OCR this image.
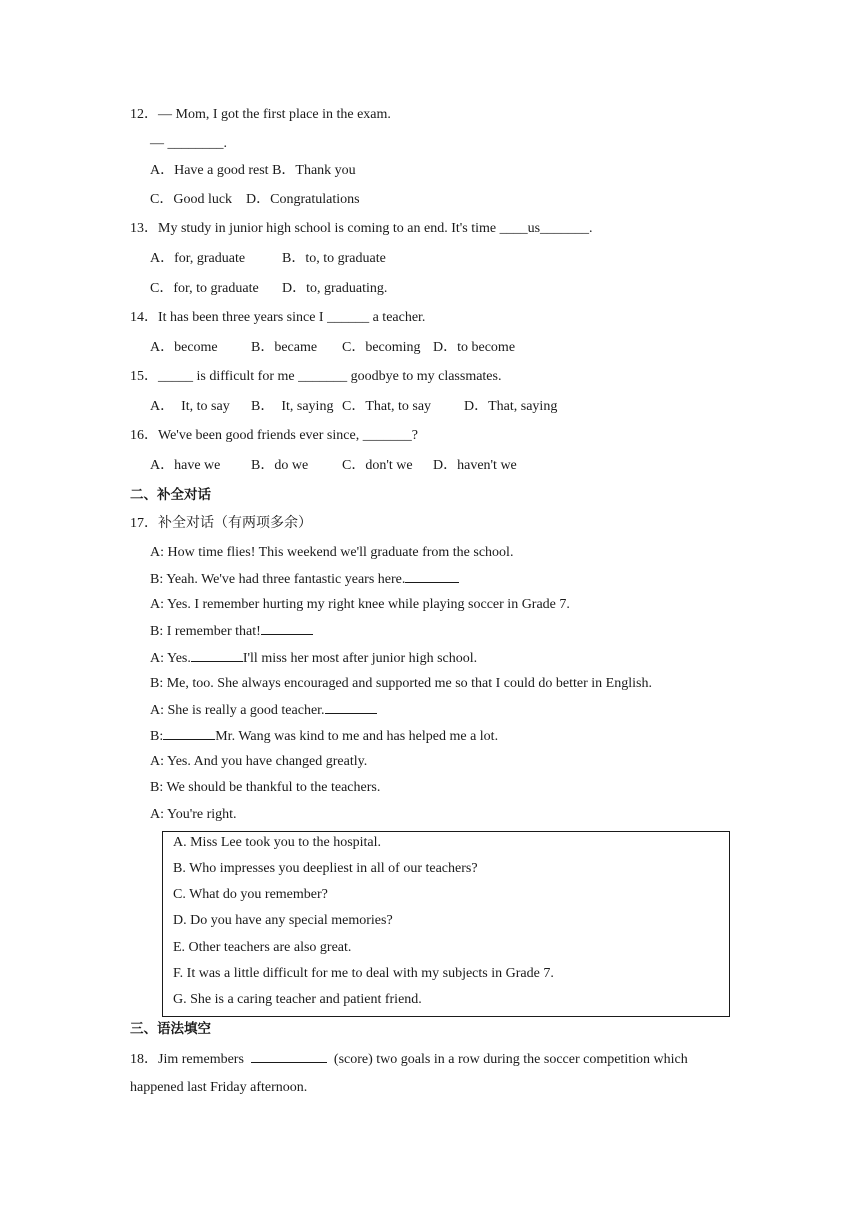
12．— Mom, I got the first place in the exam.
— ________.
A．Have a good rest B．Thank you
C．Good luck　D．Congratulations
13．My study in junior high school is coming to an end. It's time ____us_______.
A．for, graduate	B．to, to graduate
C．for, to graduate D．to, graduating.
14．It has been three years since I ______ a teacher.
A．become B．became C．becoming D．to become
15．_____ is difficult for me _______ goodbye to my classmates.
A．　It, to say B．　It, saying C．That, to say D．That, saying
16．We've been good friends ever since, _______?
A．have we B．do we C．don't we D．haven't we
二、补全对话
17．补全对话（有两项多余）
A: How time flies! This weekend we'll graduate from the school.
B: Yeah. We've had three fantastic years here.
A: Yes. I remember hurting my right knee while playing soccer in Grade 7.
B: I remember that!
A: Yes.	I'll miss her most after junior high school.
B: Me, too. She always encouraged and supported me so that I could do better in English.
A: She is really a good teacher.
B:	Mr. Wang was kind to me and has helped me a lot.
A: Yes. And you have changed greatly.
B: We should be thankful to the teachers.
A: You're right.
A. Miss Lee took you to the hospital.
B. Who impresses you deepliest in all of our teachers?
C. What do you remember?
D. Do you have any special memories?
E. Other teachers are also great.
F. It was a little difficult for me to deal with my subjects in Grade 7.
G. She is a caring teacher and patient friend.
三、语法填空
18．Jim remembers	(score) two goals in a row during the soccer competition which
happened last Friday afternoon.
